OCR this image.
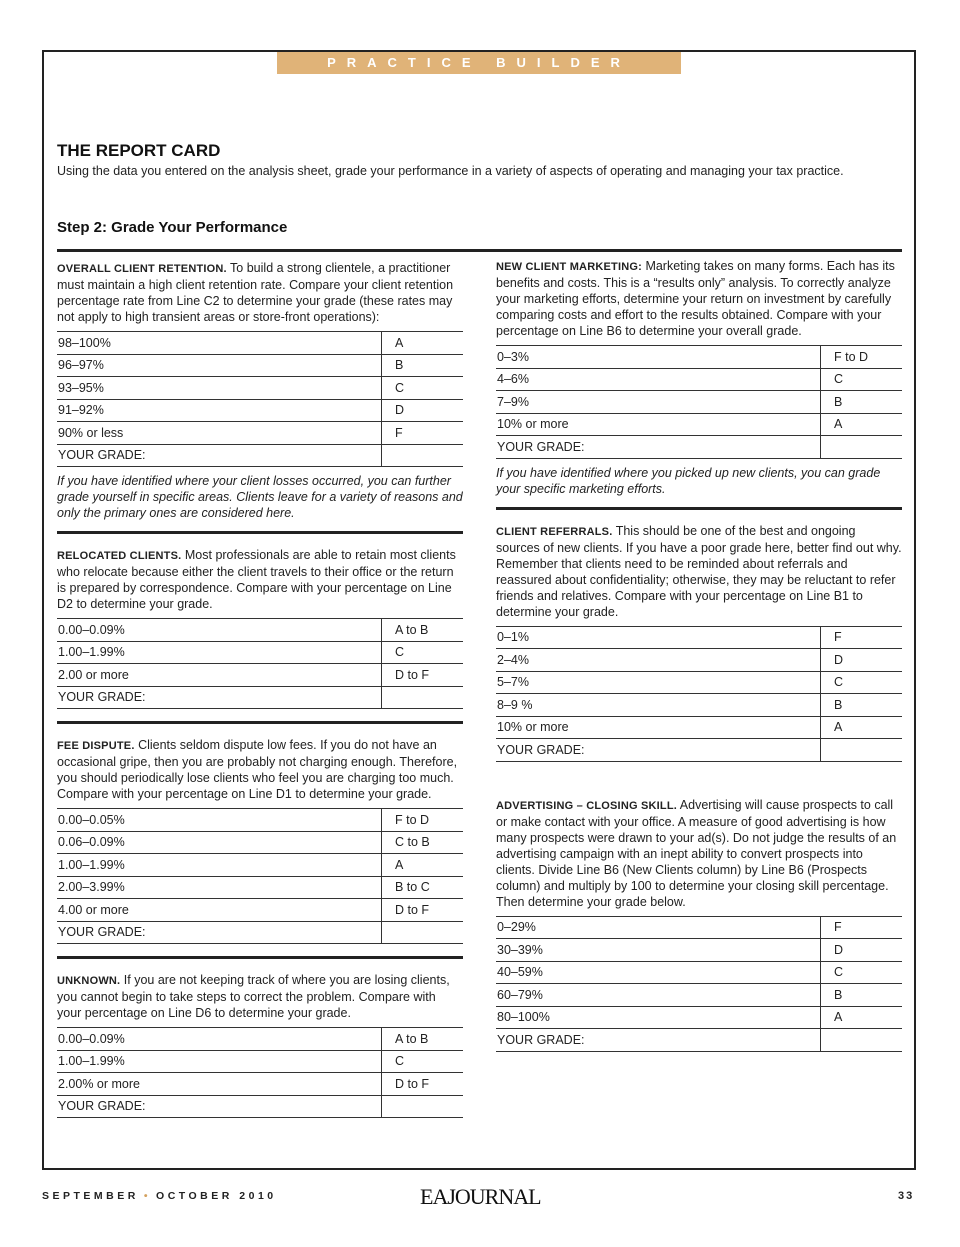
PRACTICE BUILDER
THE REPORT CARD
Using the data you entered on the analysis sheet, grade your performance in a variety of aspects of operating and managing your tax practice.
Step 2: Grade Your Performance

OVERALL CLIENT RETENTION. To build a strong clientele, a practitioner must maintain a high client retention rate. Compare your client retention percentage rate from Line C2 to determine your grade (these rates may not apply to high transient areas or store-front operations):

98–100%	A
96–97%	B
93–95%	C
91–92%	D
90% or less	F
YOUR GRADE:	

If you have identified where your client losses occurred, you can further grade yourself in specific areas. Clients leave for a variety of reasons and only the primary ones are considered here.

RELOCATED CLIENTS. Most professionals are able to retain most clients who relocate because either the client travels to their office or the return is prepared by correspondence. Compare with your percentage on Line D2 to determine your grade.

0.00–0.09%	A to B
1.00–1.99%	C
2.00 or more	D to F
YOUR GRADE:	

FEE DISPUTE. Clients seldom dispute low fees. If you do not have an occasional gripe, then you are probably not charging enough. Therefore, you should periodically lose clients who feel you are charging too much. Compare with your percentage on Line D1 to determine your grade.

0.00–0.05%	F to D
0.06–0.09%	C to B
1.00–1.99%	A
2.00–3.99%	B to C
4.00 or more	D to F
YOUR GRADE:	

UNKNOWN. If you are not keeping track of where you are losing clients, you cannot begin to take steps to correct the problem. Compare with your percentage on Line D6 to determine your grade.

0.00–0.09%	A to B
1.00–1.99%	C
2.00% or more	D to F
YOUR GRADE:	

NEW CLIENT MARKETING: Marketing takes on many forms. Each has its benefits and costs. This is a “results only” analysis. To correctly analyze your marketing efforts, determine your return on investment by carefully comparing costs and effort to the results obtained. Compare with your percentage on Line B6 to determine your overall grade.

0–3%	F to D
4–6%	C
7–9%	B
10% or more	A
YOUR GRADE:	

If you have identified where you picked up new clients, you can grade your specific marketing efforts.

CLIENT REFERRALS. This should be one of the best and ongoing sources of new clients. If you have a poor grade here, better find out why. Remember that clients need to be reminded about referrals and reassured about confidentiality; otherwise, they may be reluctant to refer friends and relatives. Compare with your percentage on Line B1 to determine your grade.

0–1%	F
2–4%	D
5–7%	C
8–9 %	B
10% or more	A
YOUR GRADE:	

ADVERTISING – CLOSING SKILL. Advertising will cause prospects to call or make contact with your office. A measure of good advertising is how many prospects were drawn to your ad(s). Do not judge the results of an advertising campaign with an inept ability to convert prospects into clients. Divide Line B6 (New Clients column) by Line B6 (Prospects column) and multiply by 100 to determine your closing skill percentage. Then determine your grade below.

0–29%	F
30–39%	D
40–59%	C
60–79%	B
80–100%	A
YOUR GRADE:	
SEPTEMBER • OCTOBER 2010	EAJOURNAL	33
